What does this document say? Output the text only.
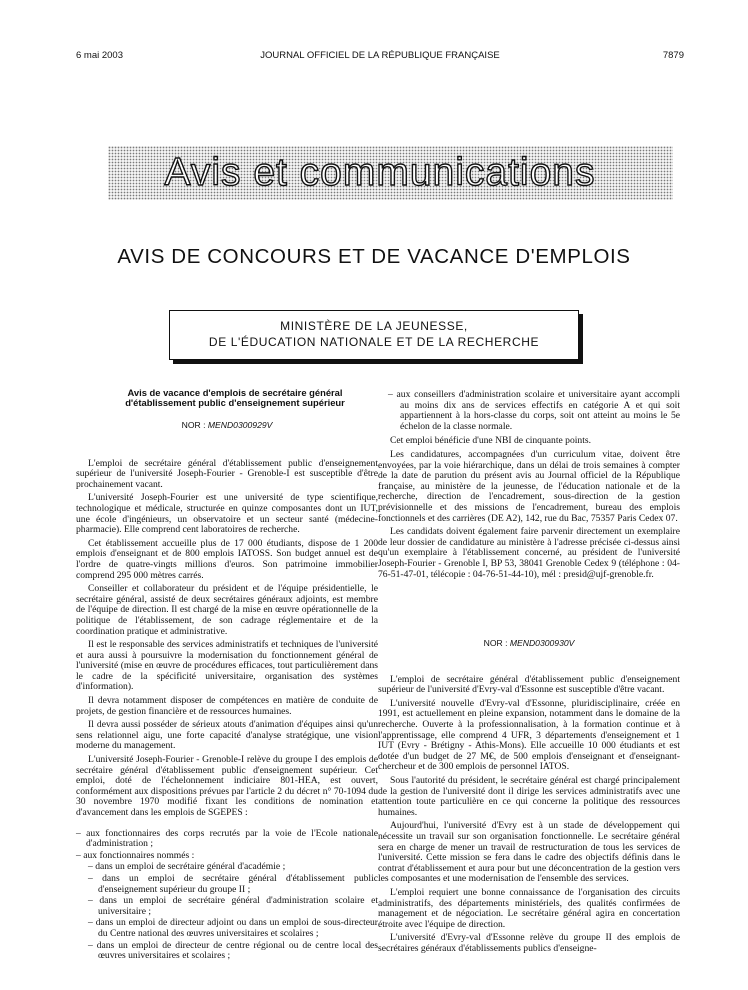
6 mai 2003	JOURNAL OFFICIEL DE LA RÉPUBLIQUE FRANÇAISE	7879
Avis et communications
AVIS DE CONCOURS ET DE VACANCE D'EMPLOIS
MINISTÈRE DE LA JEUNESSE,
DE L'ÉDUCATION NATIONALE ET DE LA RECHERCHE
Avis de vacance d'emplois de secrétaire général
d'établissement public d'enseignement supérieur
NOR : MEND0300929V
L'emploi de secrétaire général d'établissement public d'enseignement supérieur de l'université Joseph-Fourier - Grenoble-I est susceptible d'être prochainement vacant.
L'université Joseph-Fourier est une université de type scientifique, technologique et médicale, structurée en quinze composantes dont un IUT, une école d'ingénieurs, un observatoire et un secteur santé (médecine-pharmacie). Elle comprend cent laboratoires de recherche.
Cet établissement accueille plus de 17 000 étudiants, dispose de 1 200 emplois d'enseignant et de 800 emplois IATOSS. Son budget annuel est de l'ordre de quatre-vingts millions d'euros. Son patrimoine immobilier comprend 295 000 mètres carrés.
Conseiller et collaborateur du président et de l'équipe présidentielle, le secrétaire général, assisté de deux secrétaires généraux adjoints, est membre de l'équipe de direction. Il est chargé de la mise en œuvre opérationnelle de la politique de l'établissement, de son cadrage réglementaire et de la coordination pratique et administrative.
Il est le responsable des services administratifs et techniques de l'université et aura aussi à poursuivre la modernisation du fonctionnement général de l'université (mise en œuvre de procédures efficaces, tout particulièrement dans le cadre de la spécificité universitaire, organisation des systèmes d'information).
Il devra notamment disposer de compétences en matière de conduite de projets, de gestion financière et de ressources humaines.
Il devra aussi posséder de sérieux atouts d'animation d'équipes ainsi qu'un sens relationnel aigu, une forte capacité d'analyse stratégique, une vision moderne du management.
L'université Joseph-Fourier - Grenoble-I relève du groupe I des emplois de secrétaire général d'établissement public d'enseignement supérieur. Cet emploi, doté de l'échelonnement indiciaire 801-HEA, est ouvert, conformément aux dispositions prévues par l'article 2 du décret n° 70-1094 du 30 novembre 1970 modifié fixant les conditions de nomination et d'avancement dans les emplois de SGEPES :
– aux fonctionnaires des corps recrutés par la voie de l'Ecole nationale d'administration ;
– aux fonctionnaires nommés :
– dans un emploi de secrétaire général d'académie ;
– dans un emploi de secrétaire général d'établissement public d'enseignement supérieur du groupe II ;
– dans un emploi de secrétaire général d'administration scolaire et universitaire ;
– dans un emploi de directeur adjoint ou dans un emploi de sous-directeur du Centre national des œuvres universitaires et scolaires ;
– dans un emploi de directeur de centre régional ou de centre local des œuvres universitaires et scolaires ;
– aux conseillers d'administration scolaire et universitaire ayant accompli au moins dix ans de services effectifs en catégorie A et qui soit appartiennent à la hors-classe du corps, soit ont atteint au moins le 5e échelon de la classe normale.
Cet emploi bénéficie d'une NBI de cinquante points.
Les candidatures, accompagnées d'un curriculum vitae, doivent être envoyées, par la voie hiérarchique, dans un délai de trois semaines à compter de la date de parution du présent avis au Journal officiel de la République française, au ministère de la jeunesse, de l'éducation nationale et de la recherche, direction de l'encadrement, sous-direction de la gestion prévisionnelle et des missions de l'encadrement, bureau des emplois fonctionnels et des carrières (DE A2), 142, rue du Bac, 75357 Paris Cedex 07.
Les candidats doivent également faire parvenir directement un exemplaire de leur dossier de candidature au ministère à l'adresse précisée ci-dessus ainsi qu'un exemplaire à l'établissement concerné, au président de l'université Joseph-Fourier - Grenoble I, BP 53, 38041 Grenoble Cedex 9 (téléphone : 04-76-51-47-01, télécopie : 04-76-51-44-10), mél : presid@ujf-grenoble.fr.
NOR : MEND0300930V
L'emploi de secrétaire général d'établissement public d'enseignement supérieur de l'université d'Evry-val d'Essonne est susceptible d'être vacant.
L'université nouvelle d'Evry-val d'Essonne, pluridisciplinaire, créée en 1991, est actuellement en pleine expansion, notamment dans le domaine de la recherche. Ouverte à la professionnalisation, à la formation continue et à l'apprentissage, elle comprend 4 UFR, 3 départements d'enseignement et 1 IUT (Evry - Brétigny - Athis-Mons). Elle accueille 10 000 étudiants et est dotée d'un budget de 27 M€, de 500 emplois d'enseignant et d'enseignant-chercheur et de 300 emplois de personnel IATOS.
Sous l'autorité du président, le secrétaire général est chargé principalement de la gestion de l'université dont il dirige les services administratifs avec une attention toute particulière en ce qui concerne la politique des ressources humaines.
Aujourd'hui, l'université d'Evry est à un stade de développement qui nécessite un travail sur son organisation fonctionnelle. Le secrétaire général sera en charge de mener un travail de restructuration de tous les services de l'université. Cette mission se fera dans le cadre des objectifs définis dans le contrat d'établissement et aura pour but une déconcentration de la gestion vers les composantes et une modernisation de l'ensemble des services.
L'emploi requiert une bonne connaissance de l'organisation des circuits administratifs, des départements ministériels, des qualités confirmées de management et de négociation. Le secrétaire général agira en concertation étroite avec l'équipe de direction.
L'université d'Evry-val d'Essonne relève du groupe II des emplois de secrétaires généraux d'établissements publics d'enseigne-
